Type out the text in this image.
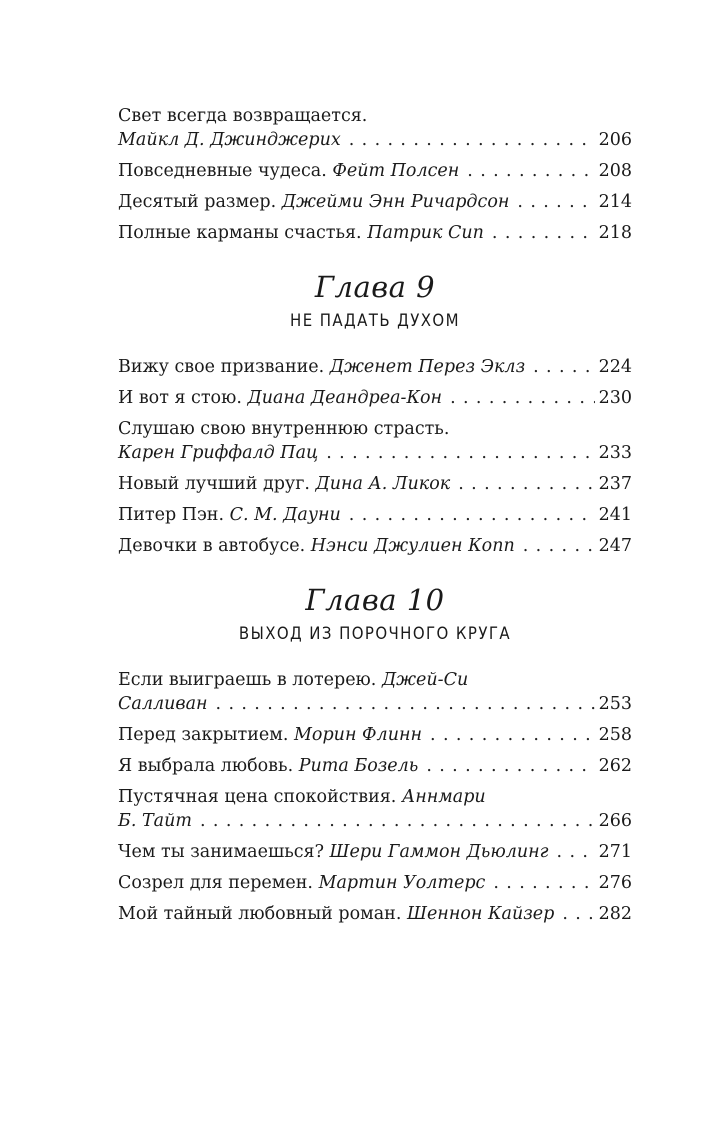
Свет всегда возвращается.
Майкл Д. Джинджерих . . .	206
Повседневные чудеса. Фейт Полсен . . .	208
Десятый размер. Джейми Энн Ричардсон . . .	214
Полные карманы счастья. Патрик Сип . . .	218
Глава 9
НЕ ПАДАТЬ ДУХОМ
Вижу свое призвание. Дженет Перез Эклз . . .	224
И вот я стою. Диана Деандреа-Кон . . .	230
Слушаю свою внутреннюю страсть.
Карен Гриффалд Пац . . .	233
Новый лучший друг. Дина А. Ликок . . .	237
Питер Пэн. С. М. Дауни . . .	241
Девочки в автобусе. Нэнси Джулиен Копп . . .	247
Глава 10
ВЫХОД ИЗ ПОРОЧНОГО КРУГА
Если выиграешь в лотерею. Джей-Си
Салливан . . .	253
Перед закрытием. Морин Флинн . . .	258
Я выбрала любовь. Рита Бозель . . .	262
Пустячная цена спокойствия. Аннмари
Б. Тайт . . .	266
Чем ты занимаешься? Шери Гаммон Дьюлинг . . .	271
Созрел для перемен. Мартин Уолтерс . . .	276
Мой тайный любовный роман. Шеннон Кайзер . . .	282
